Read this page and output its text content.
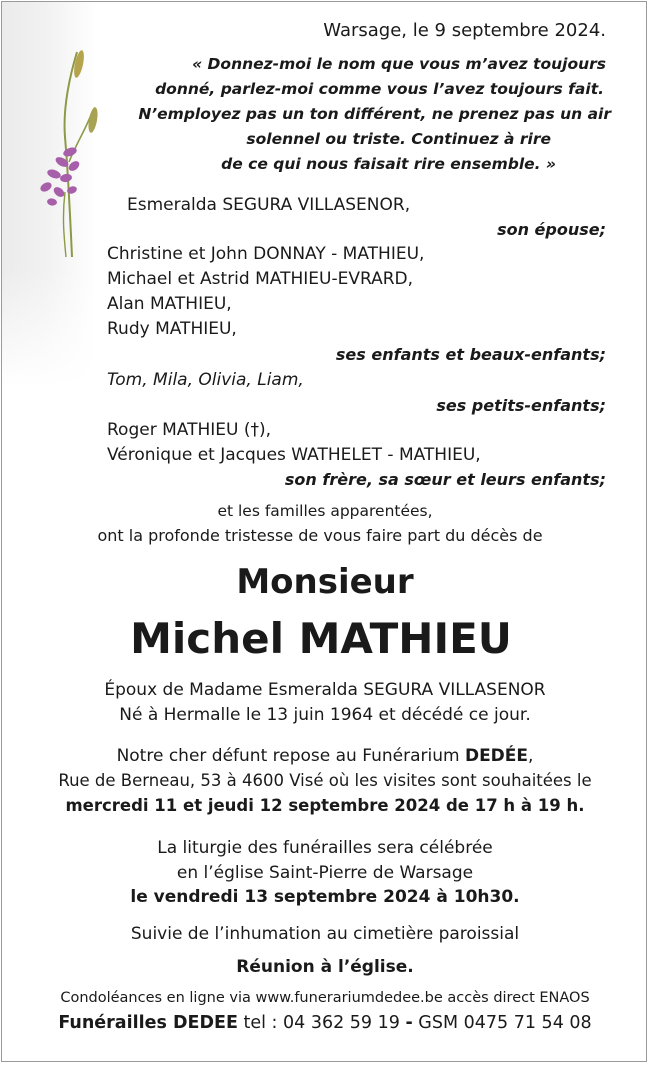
Warsage, le 9 septembre 2024.

« Donnez-moi le nom que vous m’avez toujours

donné, parlez-moi comme vous l’avez toujours fait.

N’employez pas un ton différent, ne prenez pas un air

solennel ou triste. Continuez à rire

de ce qui nous faisait rire ensemble. »

Esmeralda SEGURA VILLASENOR,

son épouse;

Christine et John DONNAY - MATHIEU,

Michael et Astrid MATHIEU-EVRARD,

Alan MATHIEU,

Rudy MATHIEU,

ses enfants et beaux-enfants;

Tom, Mila, Olivia, Liam,

ses petits-enfants;

Roger MATHIEU (†),

Véronique et Jacques WATHELET - MATHIEU,

son frère, sa sœur et leurs enfants;

et les familles apparentées,

ont la profonde tristesse de vous faire part du décès de

Monsieur

Michel MATHIEU

Époux de Madame Esmeralda SEGURA VILLASENOR

Né à Hermalle le 13 juin 1964 et décédé ce jour.

Notre cher défunt repose au Funérarium DEDÉE,

Rue de Berneau, 53 à 4600 Visé où les visites sont souhaitées le

mercredi 11 et jeudi 12 septembre 2024 de 17 h à 19 h.

La liturgie des funérailles sera célébrée

en l’église Saint-Pierre de Warsage

le vendredi 13 septembre 2024 à 10h30.

Suivie de l’inhumation au cimetière paroissial

Réunion à l’église.

Condoléances en ligne via www.funerariumdedee.be accès direct ENAOS

Funérailles DEDEE tel : 04 362 59 19 - GSM 0475 71 54 08
